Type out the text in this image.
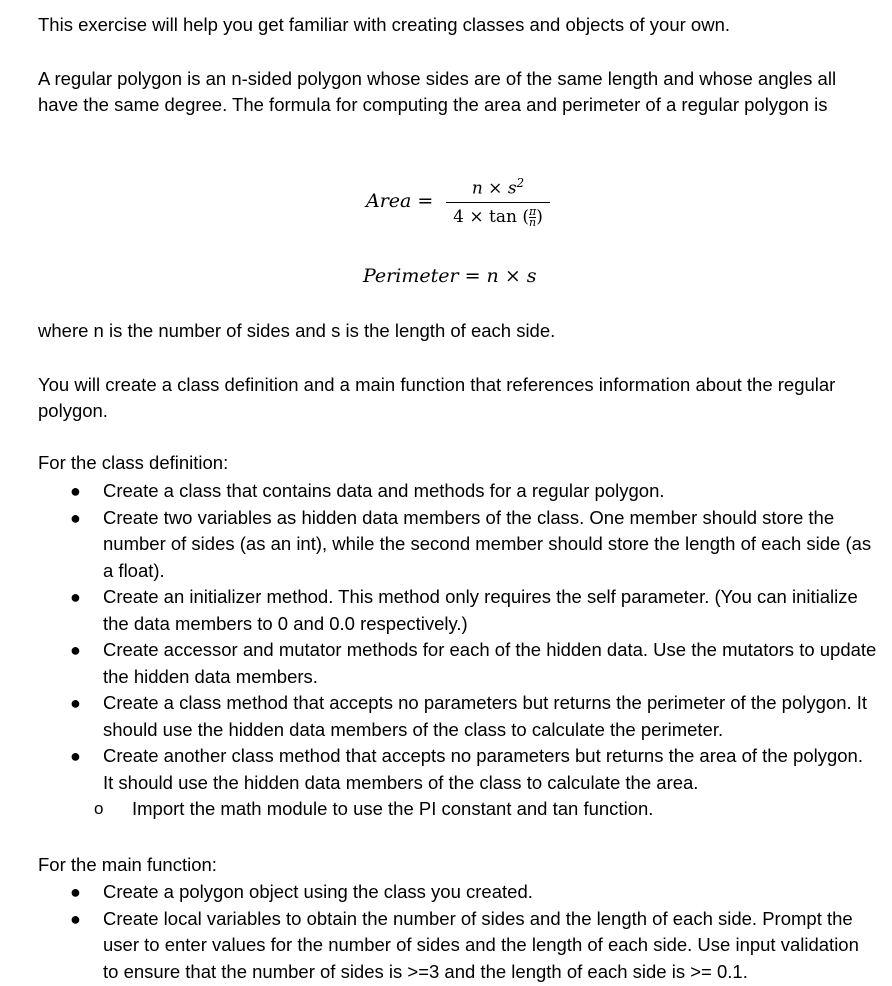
This exercise will help you get familiar with creating classes and objects of your own.

A regular polygon is an n-sided polygon whose sides are of the same length and whose angles all have the same degree. The formula for computing the area and perimeter of a regular polygon is

Area =
$n \times s^2$
$4 \times \tan (\frac{\pi}{n}$ )
Perimeter = n × s

where n is the number of sides and s is the length of each side.

You will create a class definition and a main function that references information about the regular polygon.

For the class definition:

● Create a class that contains data and methods for a regular polygon.
● Create two variables as hidden data members of the class. One member should store the number of sides (as an int), while the second member should store the length of each side (as a float).
● Create an initializer method. This method only requires the self parameter. (You can initialize the data members to 0 and 0.0 respectively.)
● Create accessor and mutator methods for each of the hidden data. Use the mutators to update the hidden data members.
● Create a class method that accepts no parameters but returns the perimeter of the polygon. It should use the hidden data members of the class to calculate the perimeter.
● Create another class method that accepts no parameters but returns the area of the polygon. It should use the hidden data members of the class to calculate the area.
o Import the math module to use the PI constant and tan function.

For the main function:

● Create a polygon object using the class you created.
● Create local variables to obtain the number of sides and the length of each side. Prompt the user to enter values for the number of sides and the length of each side. Use input validation to ensure that the number of sides is >=3 and the length of each side is >= 0.1.
